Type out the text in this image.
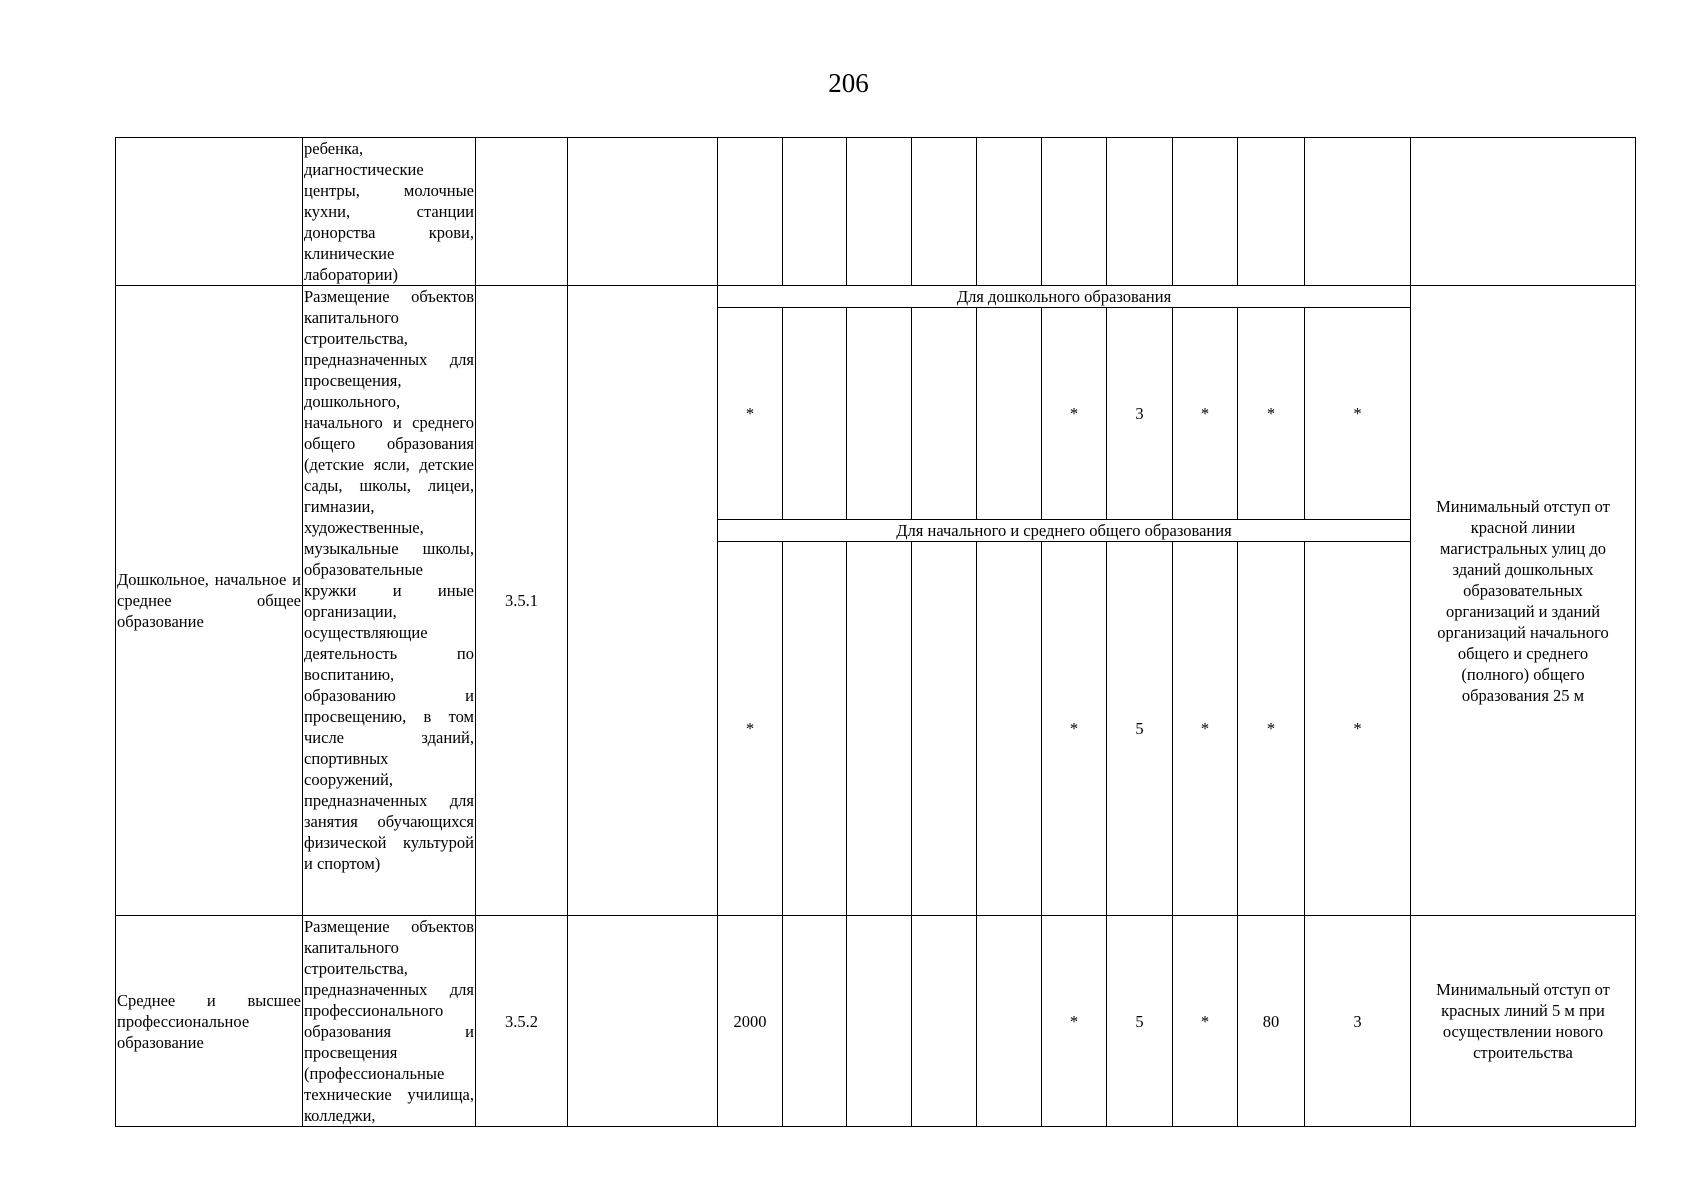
206

	ребенка, диагностические центры, молочные кухни, станции донорства крови, клинические лаборатории)													

Дошкольное, начальное и среднее общее образование	Размещение объектов капитального строительства, предназначенных для просвещения, дошкольного, начального и среднего общего образования (детские ясли, детские сады, школы, лицеи, гимназии, художественные, музыкальные школы, образовательные кружки и иные организации, осуществляющие деятельность по воспитанию, образованию и просвещению, в том числе зданий, спортивных сооружений, предназначенных для занятия обучающихся физической культурой и спортом)	3.5.1		Для дошкольного образования										Минимальный отступ от красной линии магистральных улиц до зданий дошкольных образовательных организаций и зданий организаций начального общего и среднего (полного) общего образования 25 м
				*					*	3	*	*	*	
				Для начального и среднего общего образования										
				*					*	5	*	*	*	

Среднее и высшее профессиональное образование	Размещение объектов капитального строительства, предназначенных для профессионального образования и просвещения (профессиональные технические училища, колледжи,	3.5.2		2000					*	5	*	80	3	Минимальный отступ от красных линий 5 м при осуществлении нового строительства
